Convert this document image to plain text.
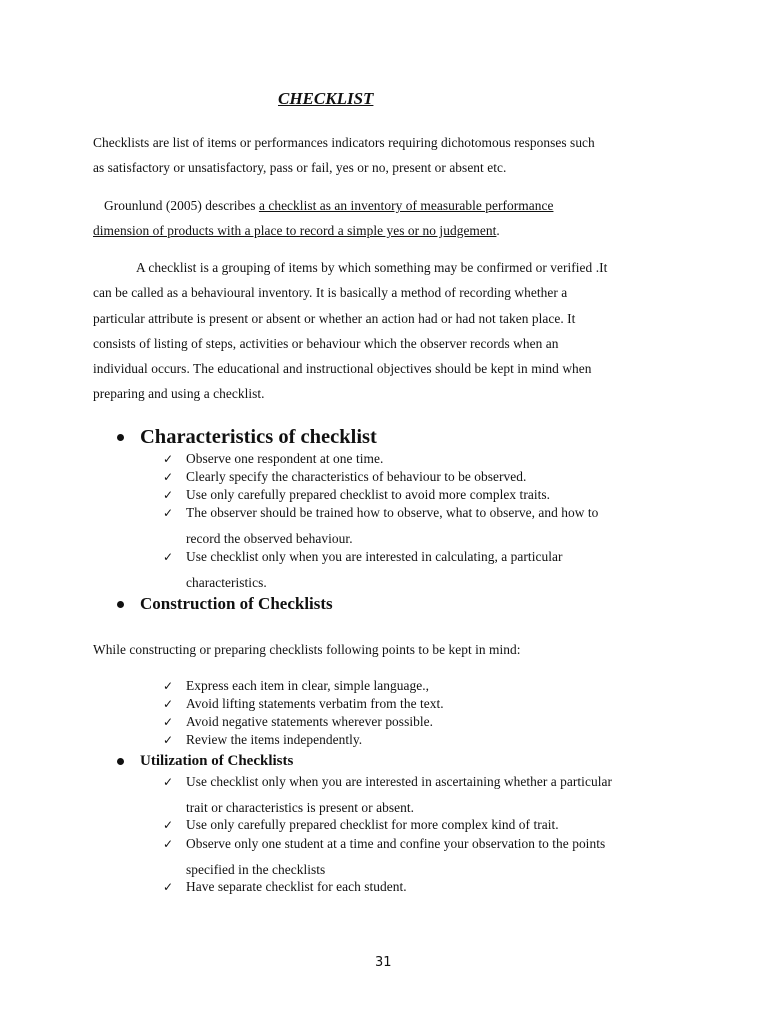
CHECKLIST
Checklists are list of items or performances indicators requiring dichotomous responses such
as satisfactory or unsatisfactory, pass or fail, yes or no, present or absent etc.
Grounlund (2005) describes a checklist as an inventory of measurable performance
dimension of products with a place to record a simple yes or no judgement.
A checklist is a grouping of items by which something may be confirmed or verified .It
can be called as a behavioural inventory. It is basically a method of recording whether a
particular attribute is present or absent or whether an action had or had not taken place. It
consists of listing of steps, activities or behaviour which the observer records when an
individual occurs. The educational and instructional objectives should be kept in mind when
preparing and using a checklist.
Characteristics of checklist
✓ Observe one respondent at one time.
✓ Clearly specify the characteristics of behaviour to be observed.
✓ Use only carefully prepared checklist to avoid more complex traits.
✓ The observer should be trained how to observe, what to observe, and how to
record the observed behaviour.
✓ Use checklist only when you are interested in calculating, a particular
characteristics.
Construction of Checklists
While constructing or preparing checklists following points to be kept in mind:
✓ Express each item in clear, simple language.,
✓ Avoid lifting statements verbatim from the text.
✓ Avoid negative statements wherever possible.
✓ Review the items independently.
Utilization of Checklists
✓ Use checklist only when you are interested in ascertaining whether a particular
trait or characteristics is present or absent.
✓ Use only carefully prepared checklist for more complex kind of trait.
✓ Observe only one student at a time and confine your observation to the points
specified in the checklists
✓ Have separate checklist for each student.
31
